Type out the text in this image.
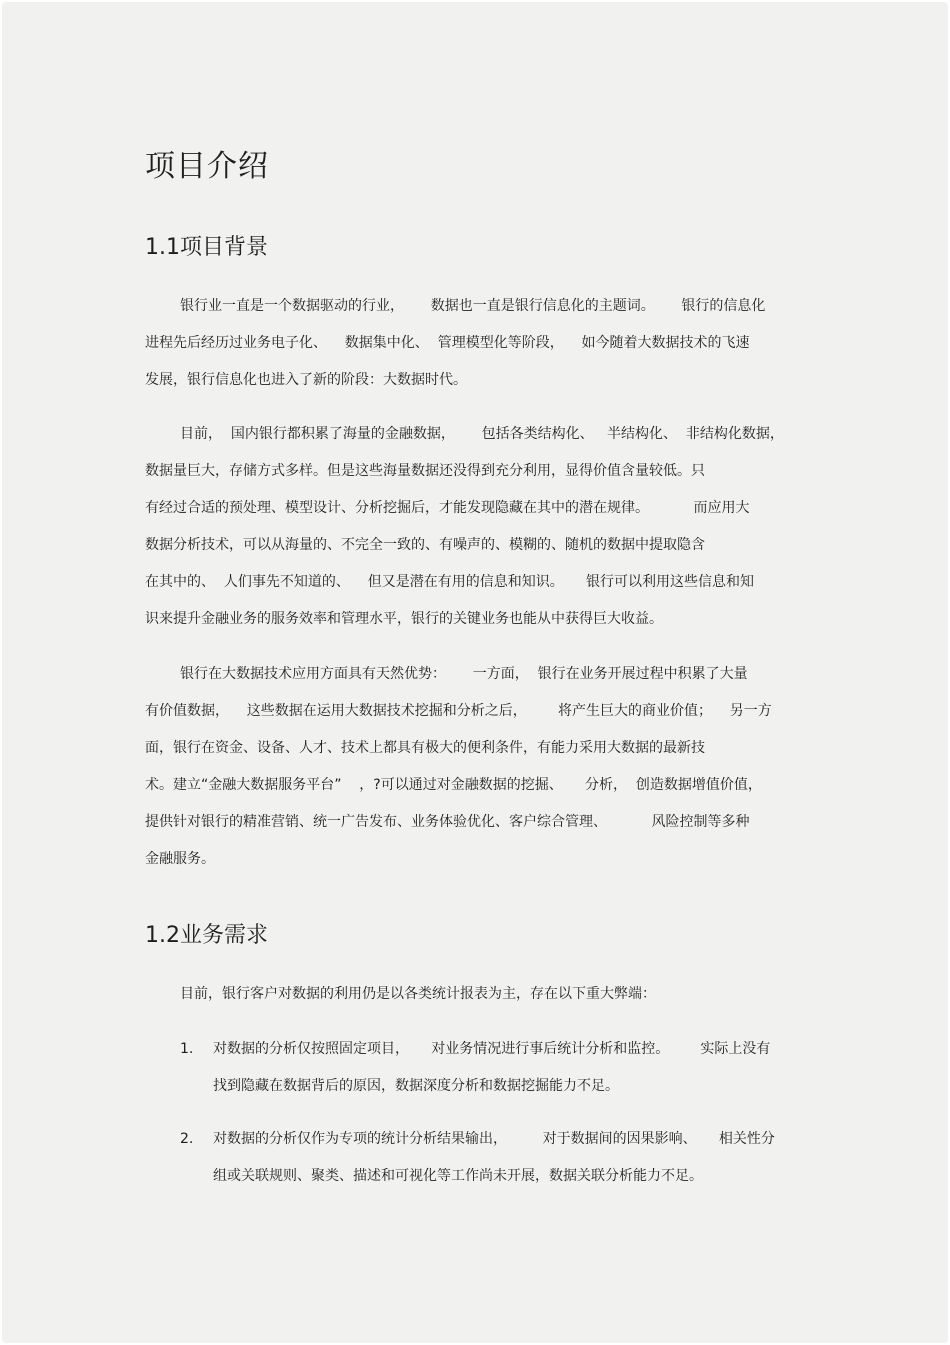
项目介绍
1.1项目背景
银行业一直是一个数据驱动的行业，      数据也一直是银行信息化的主题词。      银行的信息化
进程先后经历过业务电子化、    数据集中化、  管理模型化等阶段，    如今随着大数据技术的飞速
发展，银行信息化也进入了新的阶段：大数据时代。
目前，  国内银行都积累了海量的金融数据，      包括各类结构化、   半结构化、  非结构化数据，
数据量巨大，存储方式多样。但是这些海量数据还没得到充分利用，显得价值含量较低。只
有经过合适的预处理、模型设计、分析挖掘后，才能发现隐藏在其中的潜在规律。          而应用大
数据分析技术，可以从海量的、不完全一致的、有噪声的、模糊的、随机的数据中提取隐含
在其中的、  人们事先不知道的、    但又是潜在有用的信息和知识。     银行可以利用这些信息和知
识来提升金融业务的服务效率和管理水平，银行的关键业务也能从中获得巨大收益。
银行在大数据技术应用方面具有天然优势：      一方面，  银行在业务开展过程中积累了大量
有价值数据，    这些数据在运用大数据技术挖掘和分析之后，       将产生巨大的商业价值；    另一方
面，银行在资金、设备、人才、技术上都具有极大的便利条件，有能力采用大数据的最新技
术。建立“金融大数据服务平台”    ，?可以通过对金融数据的挖掘、     分析，  创造数据增值价值，
提供针对银行的精准营销、统一广告发布、业务体验优化、客户综合管理、          风险控制等多种
金融服务。
1.2业务需求
目前，银行客户对数据的利用仍是以各类统计报表为主，存在以下重大弊端：
1. 对数据的分析仅按照固定项目，     对业务情况进行事后统计分析和监控。       实际上没有
找到隐藏在数据背后的原因，数据深度分析和数据挖掘能力不足。
2. 对数据的分析仅作为专项的统计分析结果输出，        对于数据间的因果影响、     相关性分
组或关联规则、聚类、描述和可视化等工作尚未开展，数据关联分析能力不足。
